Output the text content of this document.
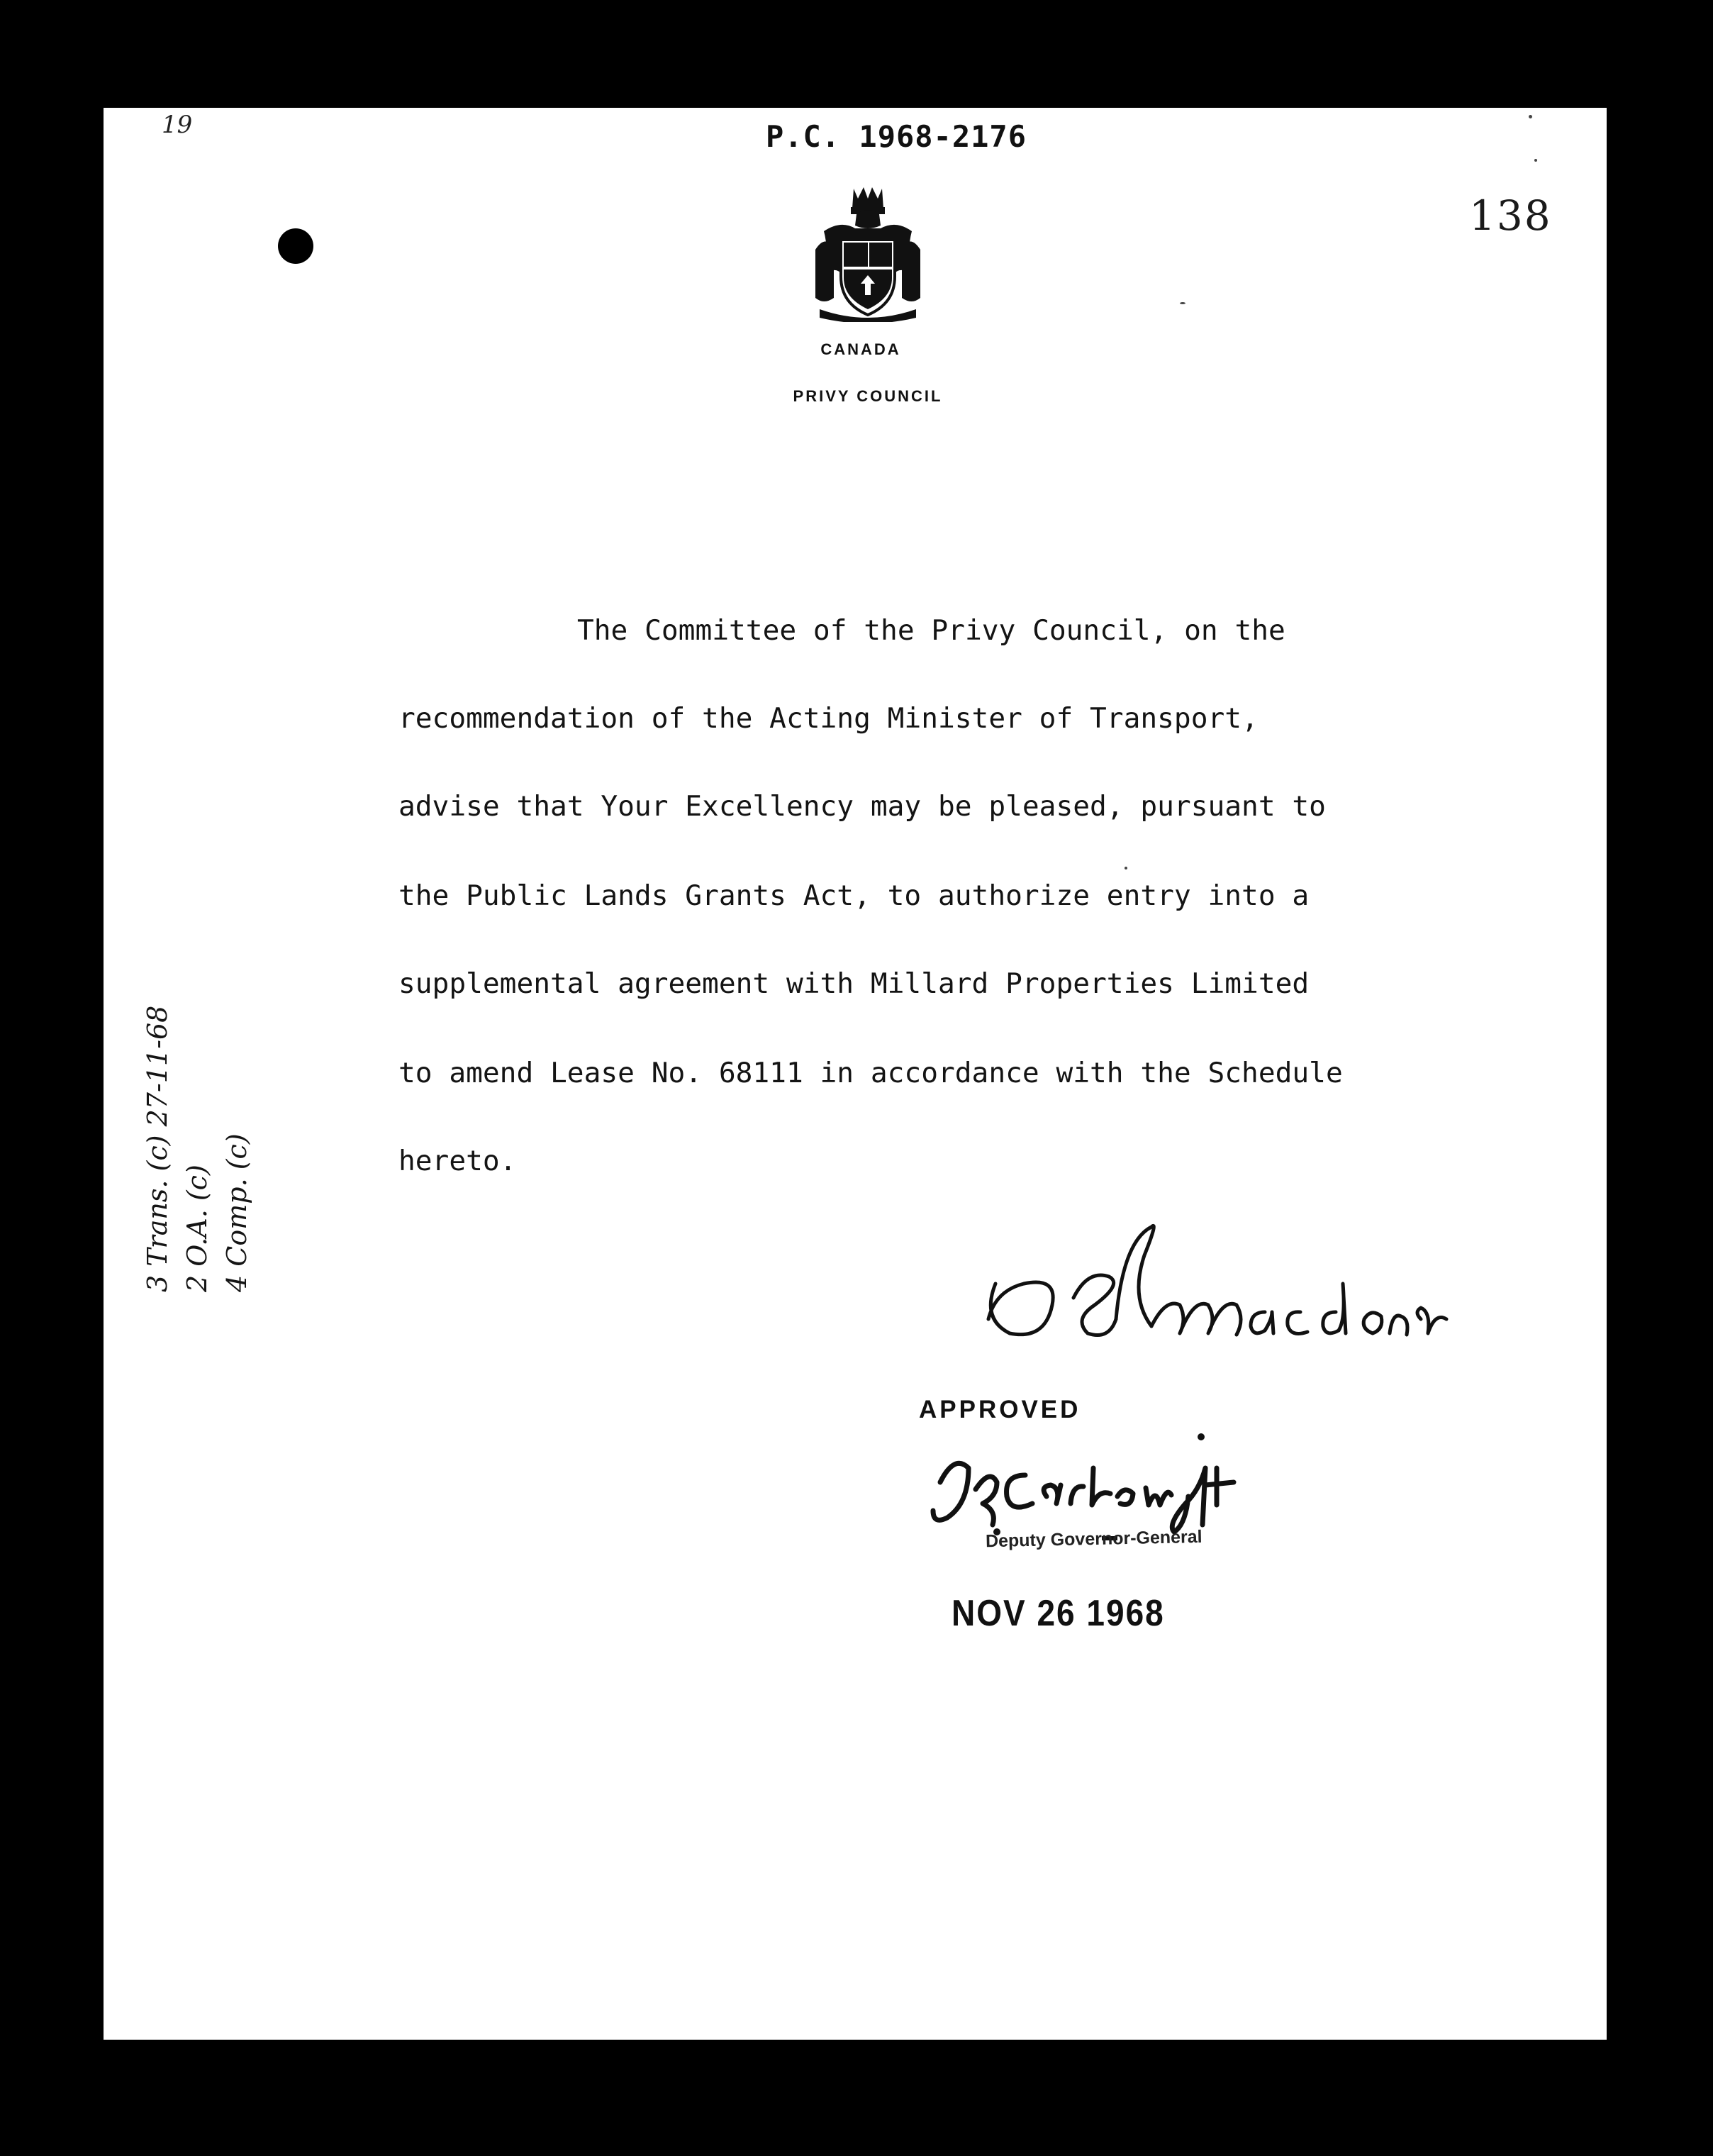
19	P.C. 1968-2176
138
CANADA
PRIVY COUNCIL
The Committee of the Privy Council, on the
recommendation of the Acting Minister of Transport,
advise that Your Excellency may be pleased, pursuant to
the Public Lands Grants Act, to authorize entry into a
supplemental agreement with Millard Properties Limited
to amend Lease No. 68111 in accordance with the Schedule
hereto.
3 Trans. (c) 27-11-68 2 O.A. (c) 4 Comp. (c)
APPROVED
Deputy Governor-General
NOV 26 1968
